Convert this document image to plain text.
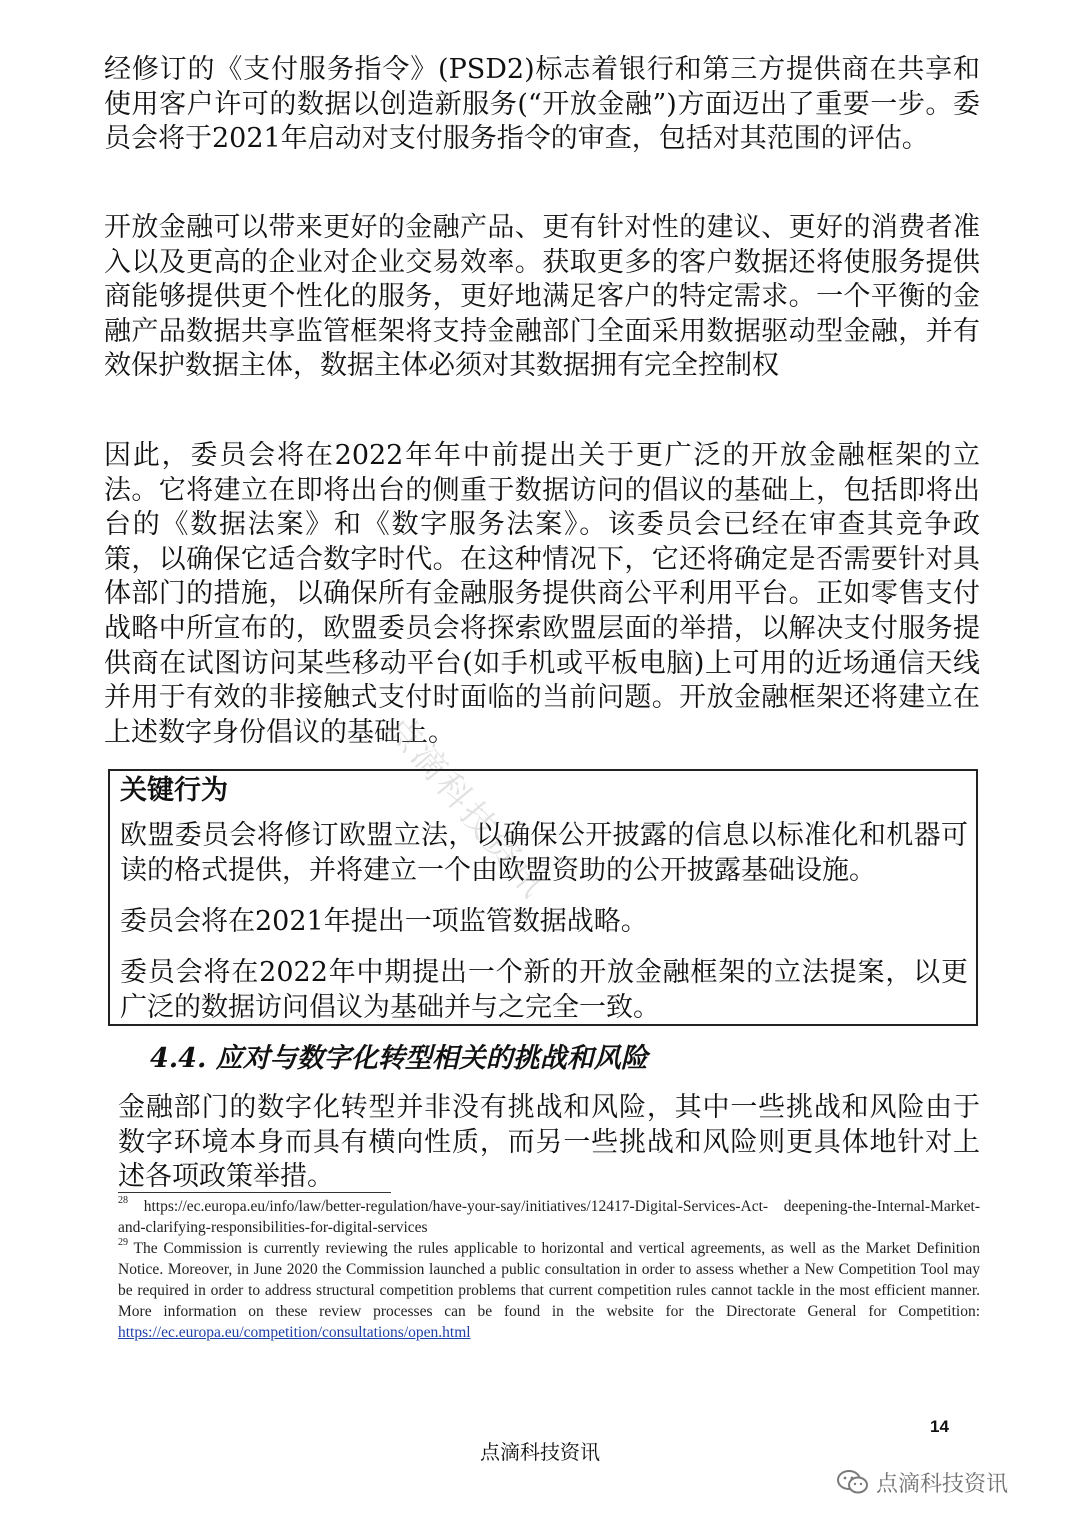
经修订的《支付服务指令》(PSD2)标志着银行和第三方提供商在共享和使用客户许可的数据以创造新服务(“开放金融”)方面迈出了重要一步。委员会将于2021年启动对支付服务指令的审查，包括对其范围的评估。

开放金融可以带来更好的金融产品、更有针对性的建议、更好的消费者准入以及更高的企业对企业交易效率。获取更多的客户数据还将使服务提供商能够提供更个性化的服务，更好地满足客户的特定需求。一个平衡的金融产品数据共享监管框架将支持金融部门全面采用数据驱动型金融，并有效保护数据主体，数据主体必须对其数据拥有完全控制权

因此，委员会将在2022年年中前提出关于更广泛的开放金融框架的立法。它将建立在即将出台的侧重于数据访问的倡议的基础上，包括即将出台的《数据法案》和《数字服务法案》。该委员会已经在审查其竞争政策，以确保它适合数字时代。在这种情况下，它还将确定是否需要针对具体部门的措施，以确保所有金融服务提供商公平利用平台。正如零售支付战略中所宣布的，欧盟委员会将探索欧盟层面的举措，以解决支付服务提供商在试图访问某些移动平台(如手机或平板电脑)上可用的近场通信天线并用于有效的非接触式支付时面临的当前问题。开放金融框架还将建立在上述数字身份倡议的基础上。

点滴科技资讯

关键行为

欧盟委员会将修订欧盟立法，以确保公开披露的信息以标准化和机器可读的格式提供，并将建立一个由欧盟资助的公开披露基础设施。

委员会将在2021年提出一项监管数据战略。

委员会将在2022年中期提出一个新的开放金融框架的立法提案，以更广泛的数据访问倡议为基础并与之完全一致。

4.4. 应对与数字化转型相关的挑战和风险

金融部门的数字化转型并非没有挑战和风险，其中一些挑战和风险由于数字环境本身而具有横向性质，而另一些挑战和风险则更具体地针对上述各项政策举措。

$^{28}$ https://ec.europa.eu/info/law/better-regulation/have-your-say/initiatives/12417-Digital-Services-Act- deepening-the-Internal-Market-and-clarifying-responsibilities-for-digital-services

$^{29}$ The Commission is currently reviewing the rules applicable to horizontal and vertical agreements, as well as the Market Definition Notice. Moreover, in June 2020 the Commission launched a public consultation in order to assess whether a New Competition Tool may be required in order to address structural competition problems that current competition rules cannot tackle in the most efficient manner. More information on these review processes can be found in the website for the Directorate General for Competition: https://ec.europa.eu/competition/consultations/open.html

14

点滴科技资讯

点滴科技资讯
